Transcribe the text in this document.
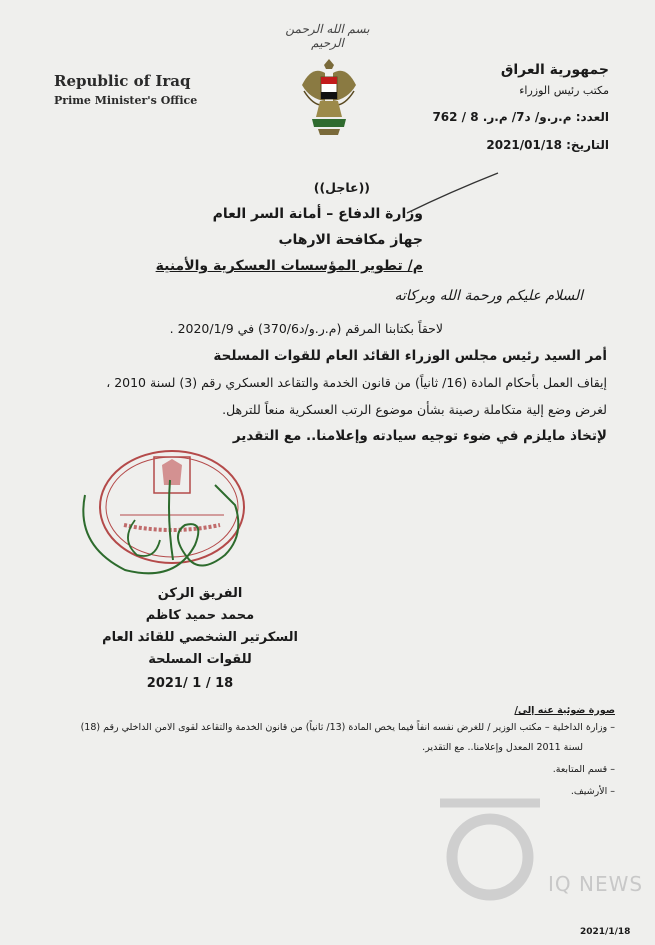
بسم الله الرحمن الرحيم
Republic of Iraq
Prime Minister's Office
جمهورية العراق
مكتب رئيس الوزراء
العدد: م.ر.و/ د7/ م.ر. 8 / 762
التاريخ: 2021/01/18
((عاجل))
وزارة الدفاع – أمانة السر العام
جهاز مكافحة الارهاب
م/ تطوير المؤسسات العسكرية والأمنية
السلام عليكم ورحمة الله وبركاته
لاحقاً بكتابنا المرقم (م.ر.و/د370/6) في 2020/1/9 .
أمر السيد رئيس مجلس الوزراء القائد العام للقوات المسلحة
إيقاف العمل بأحكام المادة (16/ ثانياً) من قانون الخدمة والتقاعد العسكري رقم (3) لسنة 2010 ،
لغرض وضع إلية متكاملة رصينة بشأن موضوع الرتب العسكرية منعاً للترهل.
لإتخاذ مايلزم في ضوء توجيه سيادته وإعلامنا.. مع التقدير
الفريق الركن
محمد حميد كاظم
السكرتير الشخصي للقائد العام
للقوات المسلحة
2021/ 1 / 18
صورة ضوئية عنه إلى/
– وزارة الداخلية – مكتب الوزير / للغرض نفسه انفاً فيما يخص المادة (13/ ثانياً) من قانون الخدمة والتقاعد لقوى الامن الداخلي رقم (18)
لسنة 2011 المعدل وإعلامنا.. مع التقدير.
– قسم المتابعة.
– الأرشيف.
IQ NEWS
2021/1/18
